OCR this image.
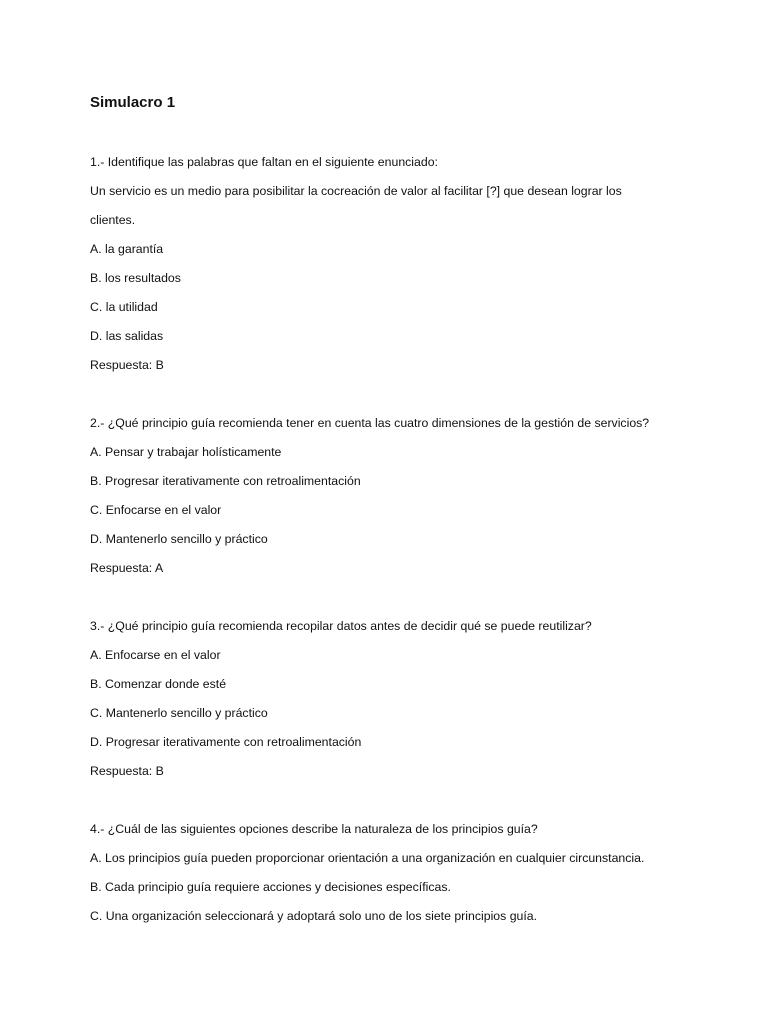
Simulacro 1
1.- Identifique las palabras que faltan en el siguiente enunciado:
Un servicio es un medio para posibilitar la cocreación de valor al facilitar [?] que desean lograr los
clientes.
A. la garantía
B. los resultados
C. la utilidad
D. las salidas
Respuesta: B
2.- ¿Qué principio guía recomienda tener en cuenta las cuatro dimensiones de la gestión de servicios?
A. Pensar y trabajar holísticamente
B. Progresar iterativamente con retroalimentación
C. Enfocarse en el valor
D. Mantenerlo sencillo y práctico
Respuesta: A
3.- ¿Qué principio guía recomienda recopilar datos antes de decidir qué se puede reutilizar?
A. Enfocarse en el valor
B. Comenzar donde esté
C. Mantenerlo sencillo y práctico
D. Progresar iterativamente con retroalimentación
Respuesta: B
4.- ¿Cuál de las siguientes opciones describe la naturaleza de los principios guía?
A. Los principios guía pueden proporcionar orientación a una organización en cualquier circunstancia.
B. Cada principio guía requiere acciones y decisiones específicas.
C. Una organización seleccionará y adoptará solo uno de los siete principios guía.
